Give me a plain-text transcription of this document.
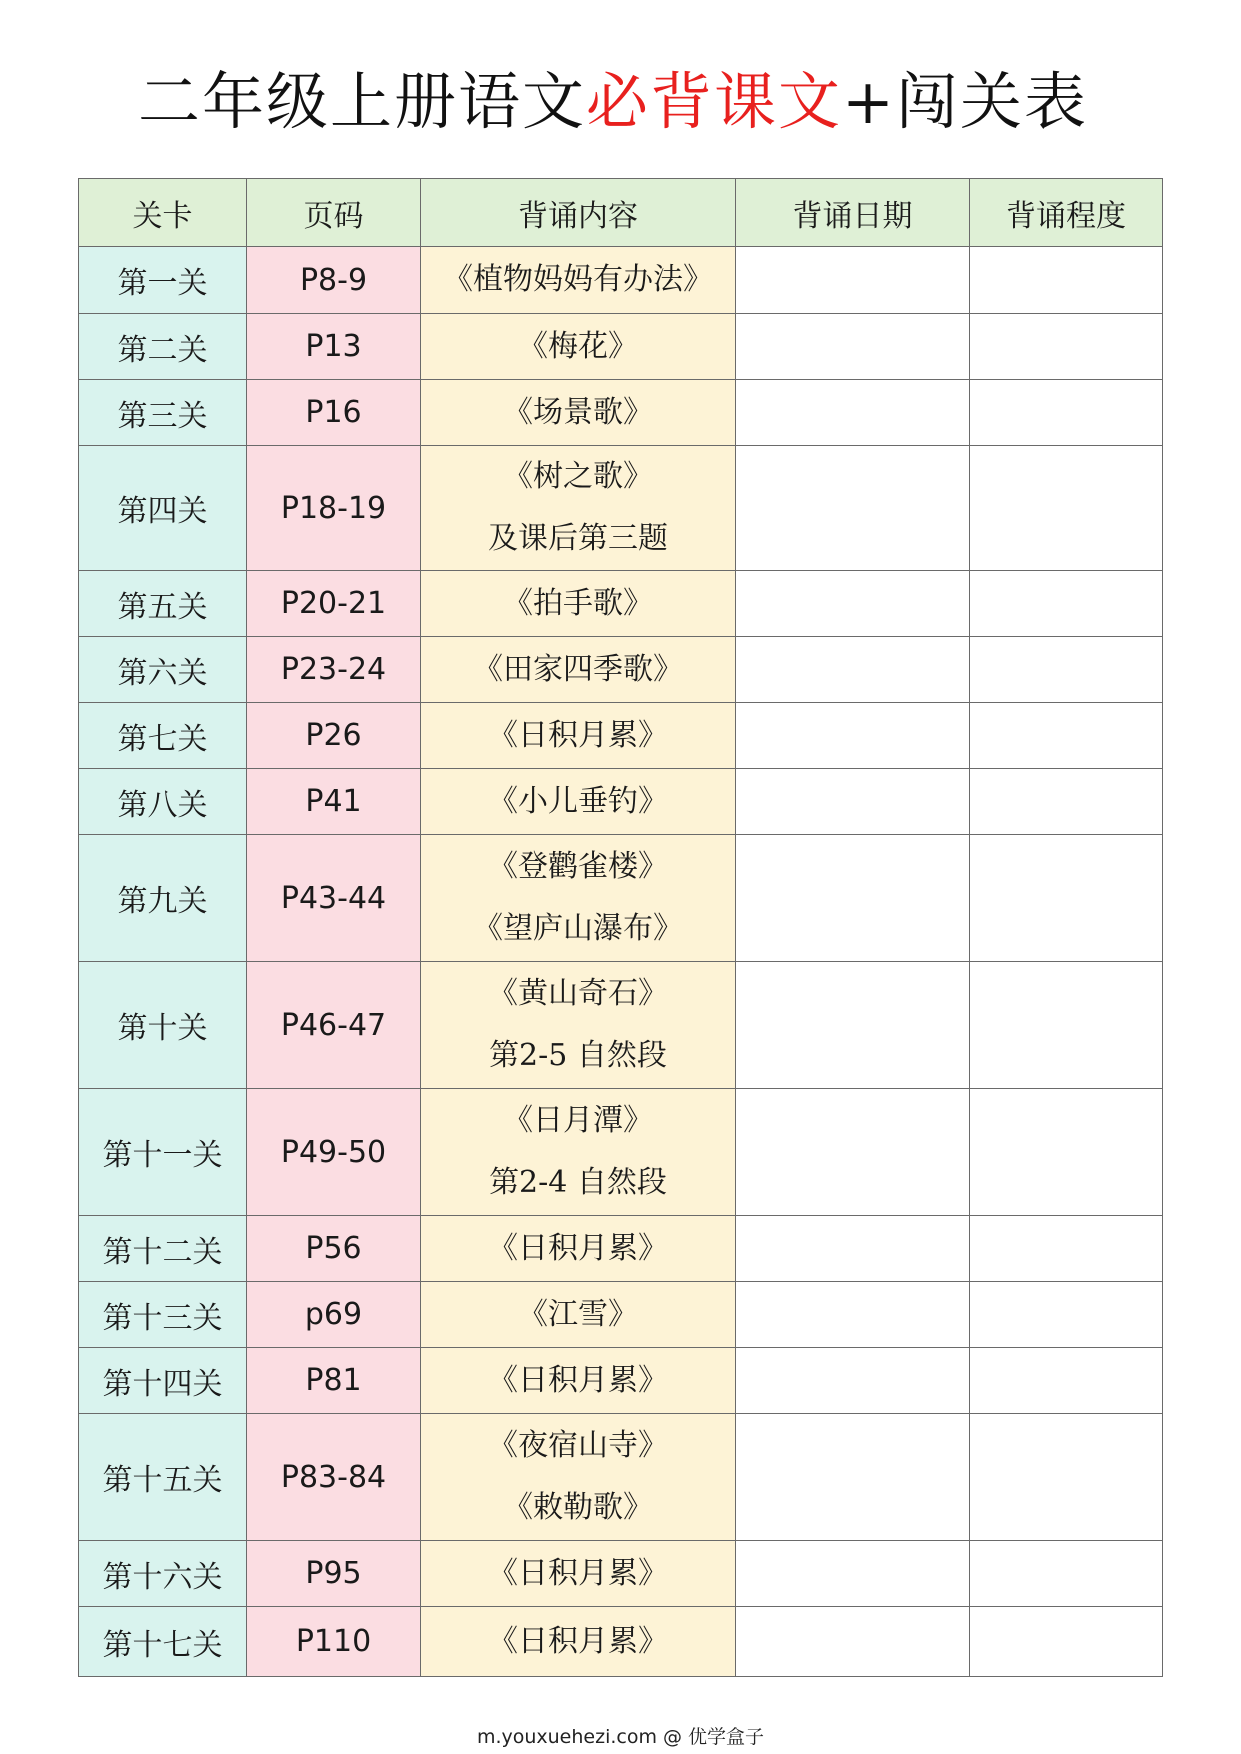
二年级上册语文必背课文+闯关表
关卡	页码	背诵内容	背诵日期	背诵程度
第一关	P8-9	《植物妈妈有办法》		

第二关	P13	《梅花》		

第三关	P16	《场景歌》		

第四关	P18-19	《树之歌》
及课后第三题		

第五关	P20-21	《拍手歌》		

第六关	P23-24	《田家四季歌》		

第七关	P26	《日积月累》		

第八关	P41	《小儿垂钓》		

第九关	P43-44	《登鹳雀楼》
《望庐山瀑布》		

第十关	P46-47	《黄山奇石》
第2-5 自然段		

第十一关	P49-50	《日月潭》
第2-4 自然段		

第十二关	P56	《日积月累》		

第十三关	p69	《江雪》		

第十四关	P81	《日积月累》		

第十五关	P83-84	《夜宿山寺》
《敕勒歌》		

第十六关	P95	《日积月累》		

第十七关	P110	《日积月累》		

m.youxuehezi.com @ 优学盒子
